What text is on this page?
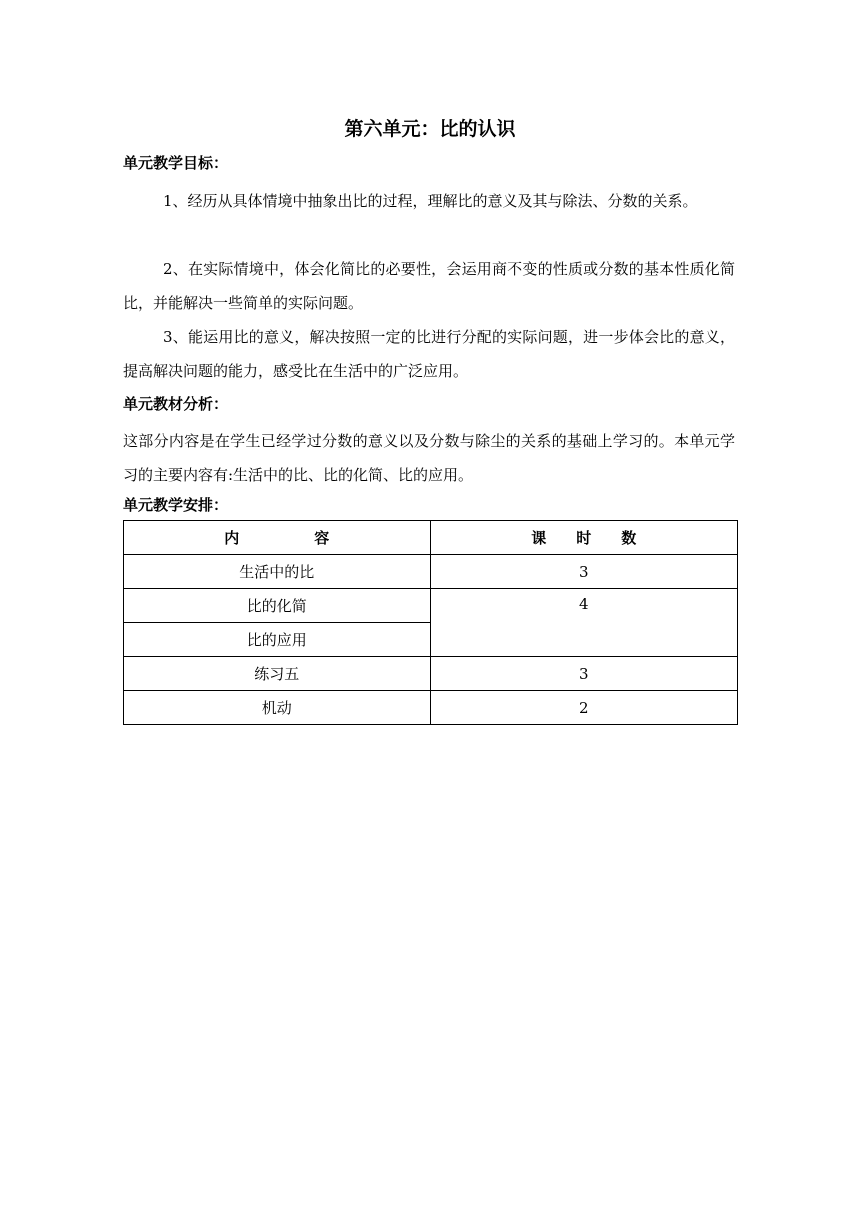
第六单元：比的认识
单元教学目标：

1、经历从具体情境中抽象出比的过程，理解比的意义及其与除法、分数的关系。

2、在实际情境中，体会化简比的必要性，会运用商不变的性质或分数的基本性质化简比，并能解决一些简单的实际问题。

3、能运用比的意义，解决按照一定的比进行分配的实际问题，进一步体会比的意义，提高解决问题的能力，感受比在生活中的广泛应用。

单元教材分析：

这部分内容是在学生已经学过分数的意义以及分数与除尘的关系的基础上学习的。本单元学习的主要内容有:生活中的比、比的化简、比的应用。

单元教学安排：
内　　　　　容	课　　时　　数
生活中的比	3
比的化简	4
比的应用	
练习五	3
机动	2
